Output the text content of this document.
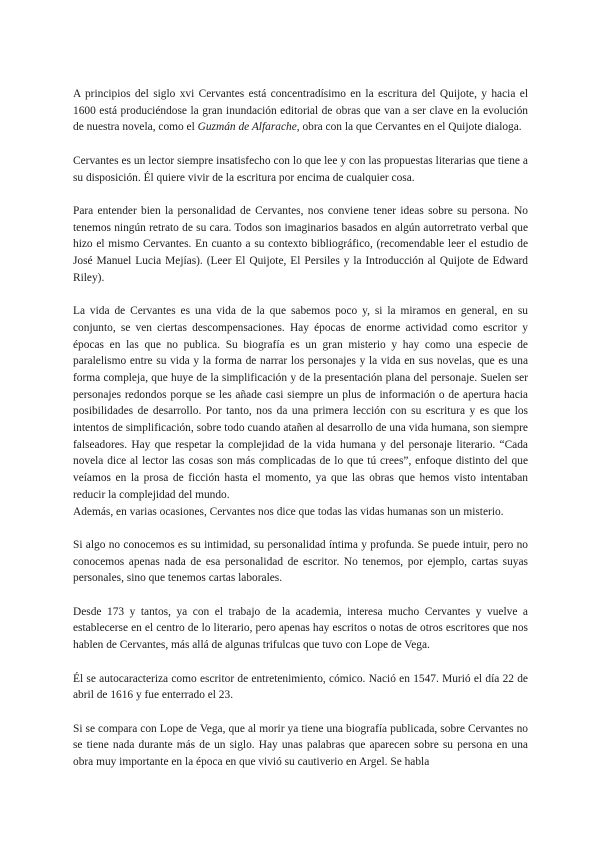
A principios del siglo xvi Cervantes está concentradísimo en la escritura del Quijote, y hacia el 1600 está produciéndose la gran inundación editorial de obras que van a ser clave en la evolución de nuestra novela, como el Guzmán de Alfarache, obra con la que Cervantes en el Quijote dialoga.

Cervantes es un lector siempre insatisfecho con lo que lee y con las propuestas literarias que tiene a su disposición. Él quiere vivir de la escritura por encima de cualquier cosa.

Para entender bien la personalidad de Cervantes, nos conviene tener ideas sobre su persona. No tenemos ningún retrato de su cara. Todos son imaginarios basados en algún autorretrato verbal que hizo el mismo Cervantes. En cuanto a su contexto bibliográfico, (recomendable leer el estudio de José Manuel Lucia Mejías). (Leer El Quijote, El Persiles y la Introducción al Quijote de Edward Riley).

La vida de Cervantes es una vida de la que sabemos poco y, si la miramos en general, en su conjunto, se ven ciertas descompensaciones. Hay épocas de enorme actividad como escritor y épocas en las que no publica. Su biografía es un gran misterio y hay como una especie de paralelismo entre su vida y la forma de narrar los personajes y la vida en sus novelas, que es una forma compleja, que huye de la simplificación y de la presentación plana del personaje. Suelen ser personajes redondos porque se les añade casi siempre un plus de información o de apertura hacia posibilidades de desarrollo. Por tanto, nos da una primera lección con su escritura y es que los intentos de simplificación, sobre todo cuando atañen al desarrollo de una vida humana, son siempre falseadores. Hay que respetar la complejidad de la vida humana y del personaje literario. “Cada novela dice al lector las cosas son más complicadas de lo que tú crees”, enfoque distinto del que veíamos en la prosa de ficción hasta el momento, ya que las obras que hemos visto intentaban reducir la complejidad del mundo.

Además, en varias ocasiones, Cervantes nos dice que todas las vidas humanas son un misterio.

Si algo no conocemos es su intimidad, su personalidad íntima y profunda. Se puede intuir, pero no conocemos apenas nada de esa personalidad de escritor. No tenemos, por ejemplo, cartas suyas personales, sino que tenemos cartas laborales.

Desde 173 y tantos, ya con el trabajo de la academia, interesa mucho Cervantes y vuelve a establecerse en el centro de lo literario, pero apenas hay escritos o notas de otros escritores que nos hablen de Cervantes, más allá de algunas trifulcas que tuvo con Lope de Vega.

Él se autocaracteriza como escritor de entretenimiento, cómico. Nació en 1547. Murió el día 22 de abril de 1616 y fue enterrado el 23.

Si se compara con Lope de Vega, que al morir ya tiene una biografía publicada, sobre Cervantes no se tiene nada durante más de un siglo. Hay unas palabras que aparecen sobre su persona en una obra muy importante en la época en que vivió su cautiverio en Argel. Se habla
